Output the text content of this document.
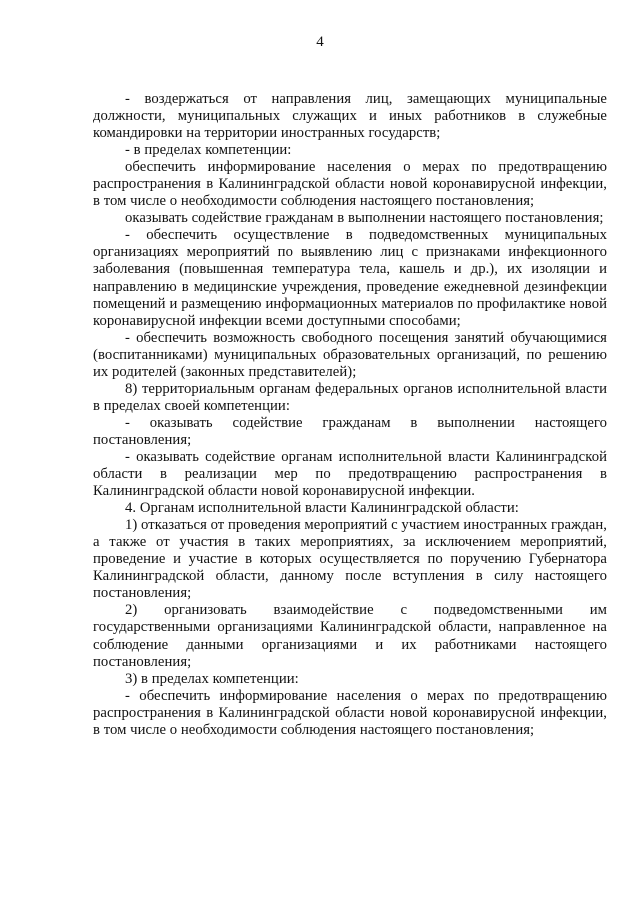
4

- воздержаться от направления лиц, замещающих муниципальные должности, муниципальных служащих и иных работников в служебные командировки на территории иностранных государств;

- в пределах компетенции:

обеспечить информирование населения о мерах по предотвращению распространения в Калининградской области новой коронавирусной инфекции, в том числе о необходимости соблюдения настоящего постановления;

оказывать содействие гражданам в выполнении настоящего постановления;

- обеспечить осуществление в подведомственных муниципальных организациях мероприятий по выявлению лиц с признаками инфекционного заболевания (повышенная температура тела, кашель и др.), их изоляции и направлению в медицинские учреждения, проведение ежедневной дезинфекции помещений и размещению информационных материалов по профилактике новой коронавирусной инфекции всеми доступными способами;

- обеспечить возможность свободного посещения занятий обучающимися (воспитанниками) муниципальных образовательных организаций, по решению их родителей (законных представителей);

8) территориальным органам федеральных органов исполнительной власти в пределах своей компетенции:

- оказывать содействие гражданам в выполнении настоящего постановления;

- оказывать содействие органам исполнительной власти Калининградской области в реализации мер по предотвращению распространения в Калининградской области новой коронавирусной инфекции.

4. Органам исполнительной власти Калининградской области:

1) отказаться от проведения мероприятий с участием иностранных граждан, а также от участия в таких мероприятиях, за исключением мероприятий, проведение и участие в которых осуществляется по поручению Губернатора Калининградской области, данному после вступления в силу настоящего постановления;

2) организовать взаимодействие с подведомственными им государственными организациями Калининградской области, направленное на соблюдение данными организациями и их работниками настоящего постановления;

3) в пределах компетенции:

- обеспечить информирование населения о мерах по предотвращению распространения в Калининградской области новой коронавирусной инфекции, в том числе о необходимости соблюдения настоящего постановления;
